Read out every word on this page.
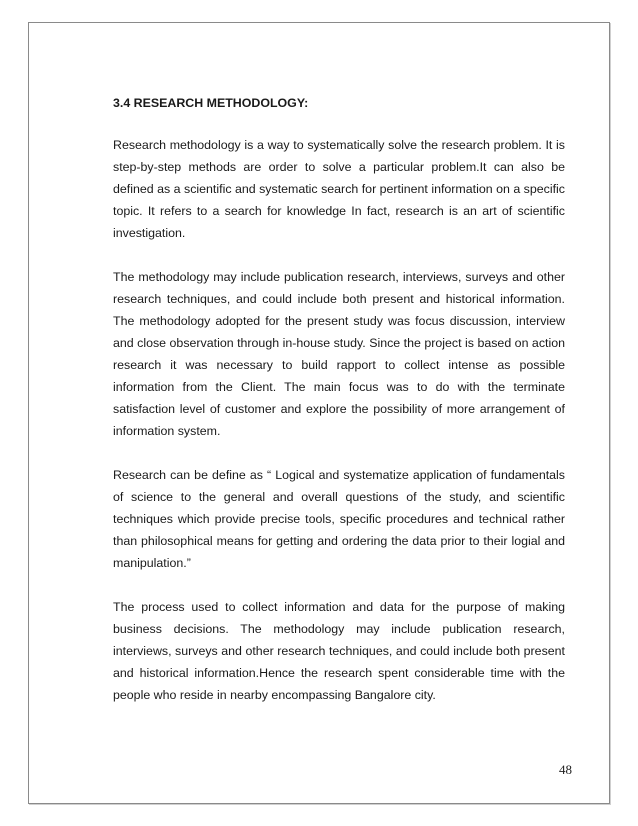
3.4 RESEARCH METHODOLOGY:

Research methodology is a way to systematically solve the research problem. It is step-by-step methods are order to solve a particular problem.It can also be defined as a scientific and systematic search for pertinent information on a specific topic. It refers to a search for knowledge In fact, research is an art of scientific investigation.

The methodology may include publication research, interviews, surveys and other research techniques, and could include both present and historical information. The methodology adopted for the present study was focus discussion, interview and close observation through in-house study. Since the project is based on action research it was necessary to build rapport to collect intense as possible information from the Client. The main focus was to do with the terminate satisfaction level of customer and explore the possibility of more arrangement of information system.

Research can be define as “ Logical and systematize application of fundamentals of science to the general and overall questions of the study, and scientific techniques which provide precise tools, specific procedures and technical rather than philosophical means for getting and ordering the data prior to their logial and manipulation.”

The process used to collect information and data for the purpose of making business decisions. The methodology may include publication research, interviews, surveys and other research techniques, and could include both present and historical information.Hence the research spent considerable time with the people who reside in nearby encompassing Bangalore city.

48
